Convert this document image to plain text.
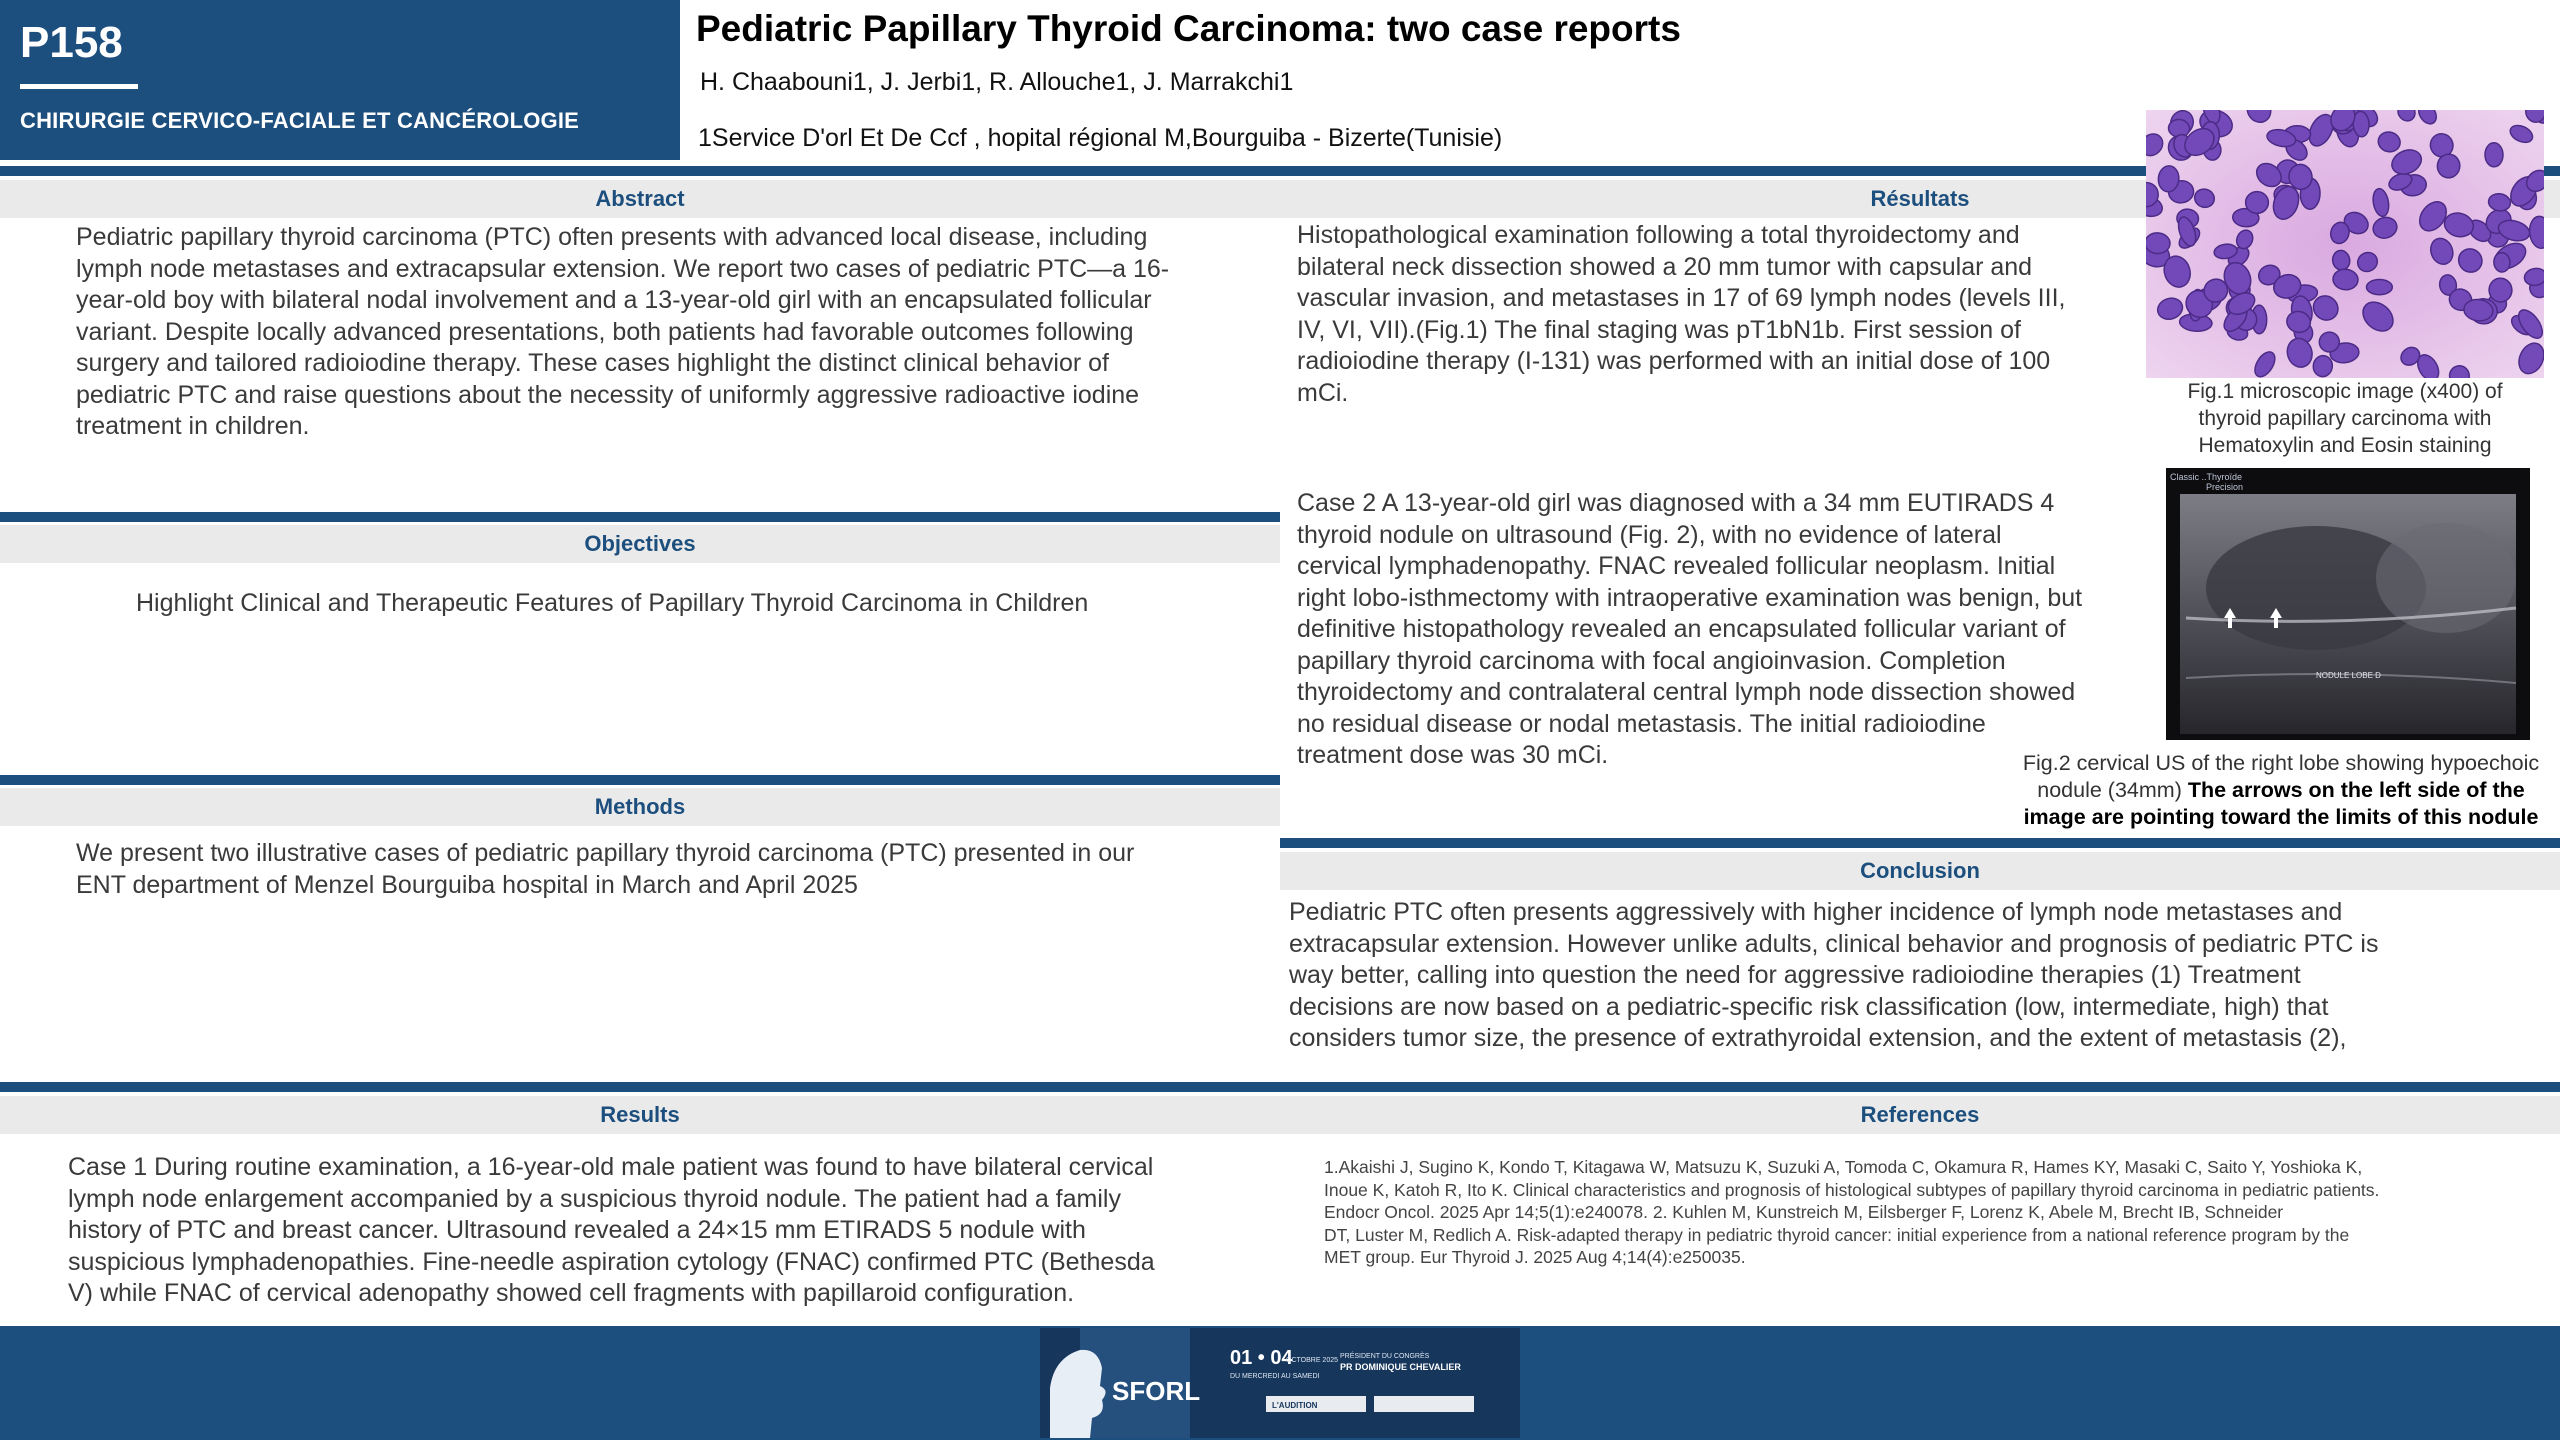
P158
CHIRURGIE CERVICO-FACIALE ET CANCÉROLOGIE
Pediatric Papillary Thyroid Carcinoma: two case reports
H. Chaabouni1, J. Jerbi1, R. Allouche1, J. Marrakchi1
1Service D'orl Et De Ccf , hopital régional M,Bourguiba - Bizerte(Tunisie)
Abstract
Pediatric papillary thyroid carcinoma (PTC) often presents with advanced local disease, including
lymph node metastases and extracapsular extension. We report two cases of pediatric PTC—a 16-
year-old boy with bilateral nodal involvement and a 13-year-old girl with an encapsulated follicular
variant. Despite locally advanced presentations, both patients had favorable outcomes following
surgery and tailored radioiodine therapy. These cases highlight the distinct clinical behavior of
pediatric PTC and raise questions about the necessity of uniformly aggressive radioactive iodine
treatment in children.
Objectives
Highlight Clinical and Therapeutic Features of Papillary Thyroid Carcinoma in Children
Methods
We present two illustrative cases of pediatric papillary thyroid carcinoma (PTC) presented in our
ENT department of Menzel Bourguiba hospital in March and April 2025
Résultats
Histopathological examination following a total thyroidectomy and
bilateral neck dissection showed a 20 mm tumor with capsular and
vascular invasion, and metastases in 17 of 69 lymph nodes (levels III,
IV, VI, VII).(Fig.1) The final staging was pT1bN1b. First session of
radioiodine therapy (I-131) was performed with an initial dose of 100
mCi.	Fig.1 microscopic image (x400) of
thyroid papillary carcinoma with
Hematoxylin and Eosin staining
Case 2 A 13-year-old girl was diagnosed with a 34 mm EUTIRADS 4
thyroid nodule on ultrasound (Fig. 2), with no evidence of lateral
cervical lymphadenopathy. FNAC revealed follicular neoplasm. Initial
right lobo-isthmectomy with intraoperative examination was benign, but
definitive histopathology revealed an encapsulated follicular variant of
papillary thyroid carcinoma with focal angioinvasion. Completion
thyroidectomy and contralateral central lymph node dissection showed
no residual disease or nodal metastasis. The initial radioiodine
treatment dose was 30 mCi.
Classic ..Thyroïde
Precision
NODULE LOBE D
Fig.2 cervical US of the right lobe showing hypoechoic
nodule (34mm) The arrows on the left side of the
image are pointing toward the limits of this nodule
Conclusion
Pediatric PTC often presents aggressively with higher incidence of lymph node metastases and
extracapsular extension. However unlike adults, clinical behavior and prognosis of pediatric PTC is
way better, calling into question the need for aggressive radioiodine therapies (1) Treatment
decisions are now based on a pediatric-specific risk classification (low, intermediate, high) that
considers tumor size, the presence of extrathyroidal extension, and the extent of metastasis (2),
Results
Case 1 During routine examination, a 16-year-old male patient was found to have bilateral cervical
lymph node enlargement accompanied by a suspicious thyroid nodule. The patient had a family
history of PTC and breast cancer. Ultrasound revealed a 24×15 mm ETIRADS 5 nodule with
suspicious lymphadenopathies. Fine-needle aspiration cytology (FNAC) confirmed PTC (Bethesda
V) while FNAC of cervical adenopathy showed cell fragments with papillaroid configuration.
References
1.Akaishi J, Sugino K, Kondo T, Kitagawa W, Matsuzu K, Suzuki A, Tomoda C, Okamura R, Hames KY, Masaki C, Saito Y, Yoshioka K,
Inoue K, Katoh R, Ito K. Clinical characteristics and prognosis of histological subtypes of papillary thyroid carcinoma in pediatric patients.
Endocr Oncol. 2025 Apr 14;5(1):e240078. 2. Kuhlen M, Kunstreich M, Eilsberger F, Lorenz K, Abele M, Brecht IB, Schneider
DT, Luster M, Redlich A. Risk-adapted therapy in pediatric thyroid cancer: initial experience from a national reference program by the
MET group. Eur Thyroid J. 2025 Aug 4;14(4):e250035.
SFORL
01 • 04
OCTOBRE 2025
DU MERCREDI AU SAMEDI
PRÉSIDENT DU CONGRÈS
PR DOMINIQUE CHEVALIER
L'AUDITION
